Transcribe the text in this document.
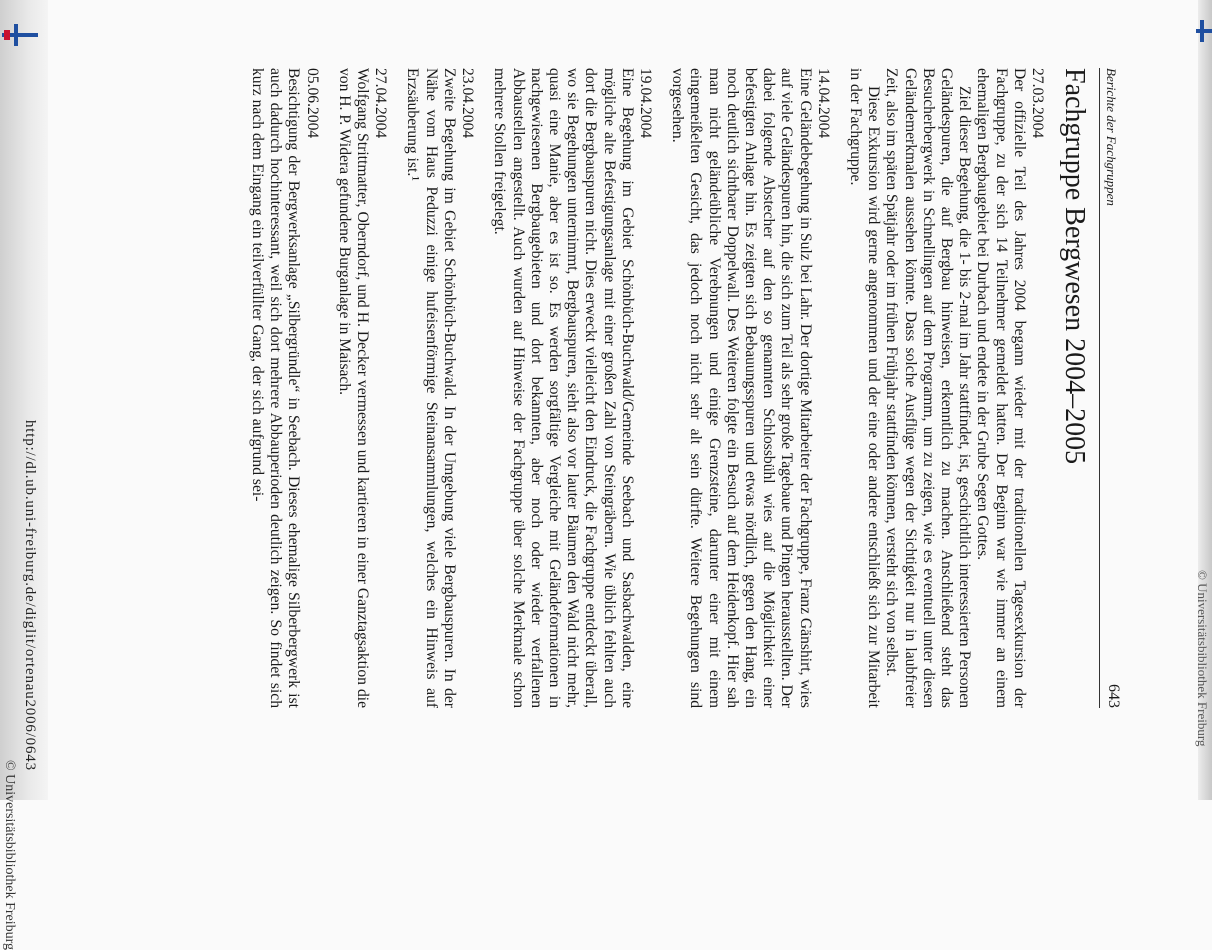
http://dl.ub.uni-freiburg.de/diglit/ortenau2006/0643
© Universitätsbibliothek Freiburg
© Universitätsbibliothek Freiburg
Berichte der Fachgruppen
643
Fachgruppe Bergwesen 2004–2005

27.03.2004

Der offizielle Teil des Jahres 2004 begann wieder mit der traditionellen Tagesexkursion der Fachgruppe, zu der sich 14 Teilnehmer gemeldet hatten. Der Beginn war wie immer an einem ehemaligen Bergbaugebiet bei Durbach und endete in der Grube Segen Gottes.

Ziel dieser Begehung, die 1- bis 2-mal im Jahr stattfindet, ist, geschichtlich interessierten Personen Geländespuren, die auf Bergbau hinweisen, erkenntlich zu machen. Anschließend steht das Besucherbergwerk in Schnellingen auf dem Programm, um zu zeigen, wie es eventuell unter diesen Geländemerkmalen aussehen könnte. Dass solche Ausflüge wegen der Sichtigkeit nur in laubfreier Zeit, also im späten Spätjahr oder im frühen Frühjahr stattfinden können, versteht sich von selbst.

Diese Exkursion wird gerne angenommen und der eine oder andere entschließt sich zur Mitarbeit in der Fachgruppe.

14.04.2004

Eine Geländebegehung in Sulz bei Lahr. Der dortige Mitarbeiter der Fachgruppe, Franz Gänshirt, wies auf viele Geländespuren hin, die sich zum Teil als sehr große Tagebaue und Pingen herausstellten. Der dabei folgende Abstecher auf den so genannten Schlossbühl wies auf die Möglichkeit einer befestigten Anlage hin. Es zeigten sich Bebauungsspuren und etwas nördlich, gegen den Hang, ein noch deutlich sichtbarer Doppelwall. Des Weiteren folgte ein Besuch auf dem Heidenkopf. Hier sah man nicht geländeübliche Verebnungen und einige Grenzsteine, darunter einer mit einem eingemeißelten Gesicht, das jedoch noch nicht sehr alt sein dürfte. Weitere Begehungen sind vorgesehen.

19.04.2004

Eine Begehung im Gebiet Schönbüch-Buchwald/Gemeinde Seebach und Sasbachwalden, eine mögliche alte Befestigungsanlage mit einer großen Zahl von Steingräbern. Wie üblich fehlten auch dort die Bergbauspuren nicht. Dies erweckt vielleicht den Eindruck, die Fachgruppe entdeckt überall, wo sie Begehungen unternimmt, Bergbauspuren, sieht also vor lauter Bäumen den Wald nicht mehr, quasi eine Manie, aber es ist so. Es werden sorgfältige Vergleiche mit Geländeformationen in nachgewiesenen Bergbaugebieten und dort bekannten, aber noch oder wieder verfallenen Abbaustellen angestellt. Auch wurden auf Hinweise der Fachgruppe über solche Merkmale schon mehrere Stollen freigelegt.

23.04.2004

Zweite Begehung im Gebiet Schönbüch-Buchwald. In der Umgebung viele Bergbauspuren. In der Nähe vom Haus Peduzzi einige hufeisenförmige Steinansammlungen, welches ein Hinweis auf Erzsäuberung ist.¹

27.04.2004

Wolfgang Strittmatter, Oberndorf, und H. Decker vermessen und kartieren in einer Ganztagsaktion die von H. P. Widera gefundene Burganlage in Maisach.

05.06.2004

Besichtigung der Bergwerksanlage „Silbergründle“ in Seebach. Dieses ehemalige Silberbergwerk ist auch dadurch hochinteressant, weil sich dort mehrere Abbauperioden deutlich zeigen. So findet sich kurz nach dem Eingang ein teilverfüllter Gang, der sich aufgrund sei-
